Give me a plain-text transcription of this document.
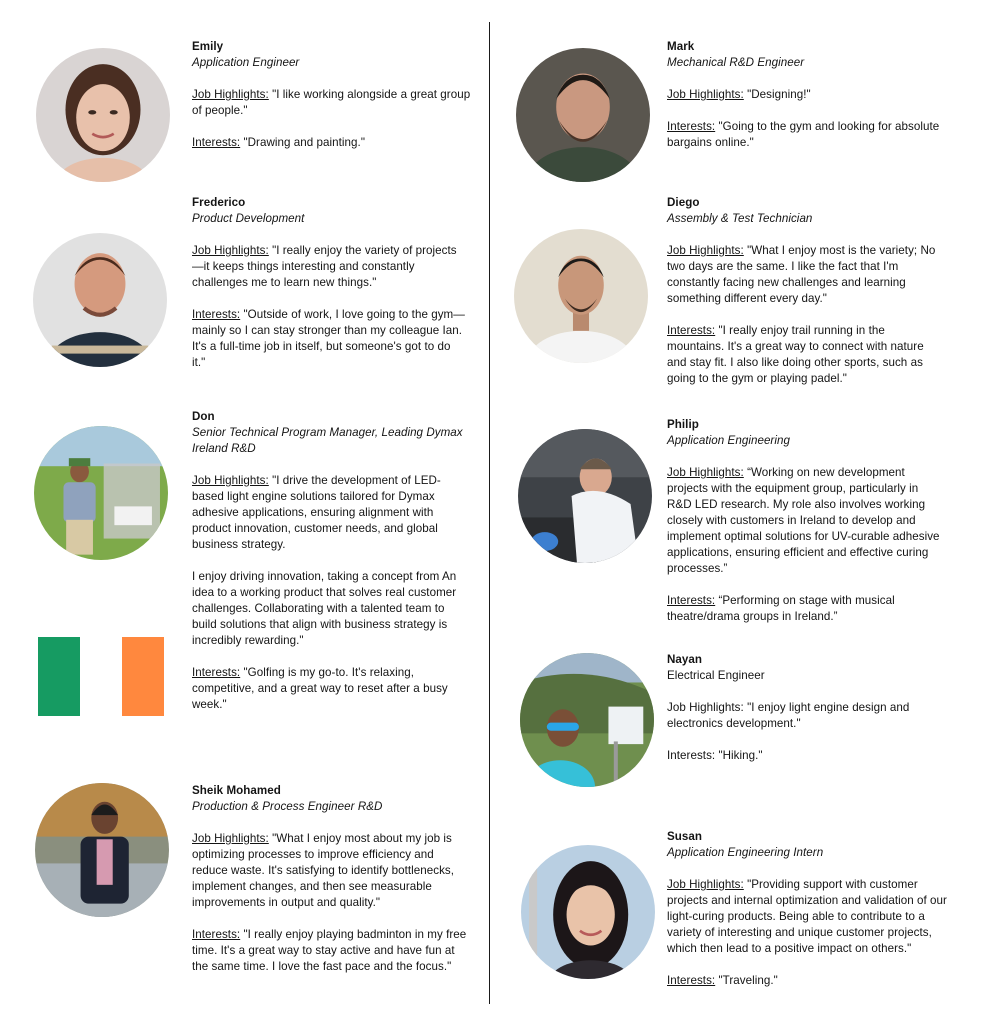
Emily

Application Engineer

Job Highlights: "I like working alongside a great group of people."

Interests: "Drawing and painting."

Frederico

Product Development

Job Highlights: "I really enjoy the variety of projects—it keeps things interesting and constantly challenges me to learn new things."

Interests: "Outside of work, I love going to the gym—mainly so I can stay stronger than my colleague Ian. It's a full-time job in itself, but someone's got to do it."

Don

Senior Technical Program Manager, Leading Dymax Ireland R&D

Job Highlights: "I drive the development of LED-based light engine solutions tailored for Dymax adhesive applications, ensuring alignment with product innovation, customer needs, and global business strategy.

I enjoy driving innovation, taking a concept from An idea to a working product that solves real customer challenges. Collaborating with a talented team to build solutions that align with business strategy is incredibly rewarding."

Interests: "Golfing is my go-to. It's relaxing, competitive, and a great way to reset after a busy week."

Sheik Mohamed

Production & Process Engineer R&D

Job Highlights: "What I enjoy most about my job is optimizing processes to improve efficiency and reduce waste. It's satisfying to identify bottlenecks, implement changes, and then see measurable improvements in output and quality."

Interests: "I really enjoy playing badminton in my free time. It's a great way to stay active and have fun at the same time. I love the fast pace and the focus."

Mark

Mechanical R&D Engineer

Job Highlights: "Designing!"

Interests: "Going to the gym and looking for absolute bargains online."

Diego

Assembly & Test Technician

Job Highlights: "What I enjoy most is the variety; No two days are the same. I like the fact that I'm constantly facing new challenges and learning something different every day."

Interests: "I really enjoy trail running in the mountains. It's a great way to connect with nature and stay fit. I also like doing other sports, such as going to the gym or playing padel."

Philip

Application Engineering

Job Highlights: “Working on new development projects with the equipment group, particularly in R&D LED research. My role also involves working closely with customers in Ireland to develop and implement optimal solutions for UV-curable adhesive applications, ensuring efficient and effective curing processes.”

Interests: “Performing on stage with musical theatre/drama groups in Ireland.”

Nayan

Electrical Engineer

Job Highlights: "I enjoy light engine design and electronics development."

Interests: "Hiking."

Susan

Application Engineering Intern

Job Highlights: "Providing support with customer projects and internal optimization and validation of our light-curing products. Being able to contribute to a variety of interesting and unique customer projects, which then lead to a positive impact on others."

Interests: "Traveling."
